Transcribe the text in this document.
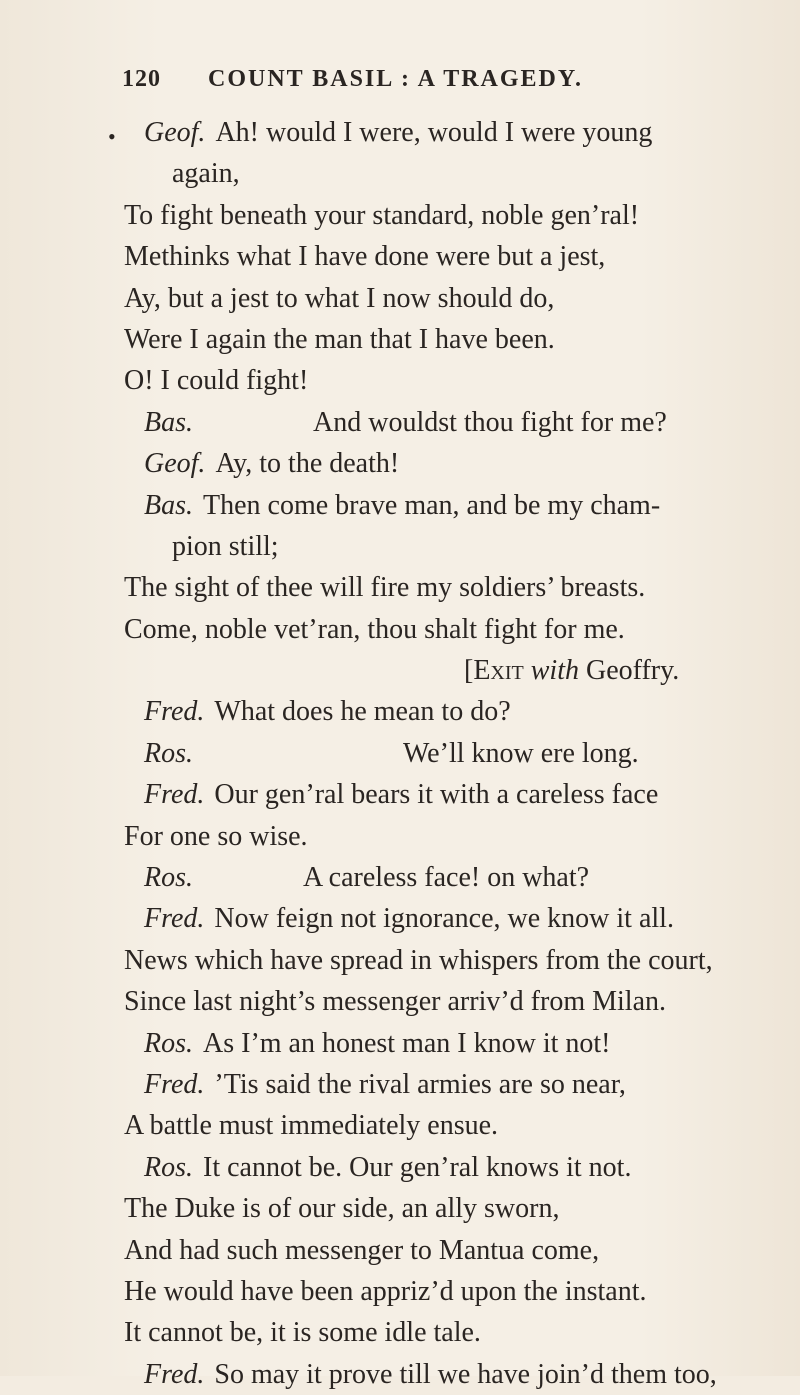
120 COUNT BASIL : A TRAGEDY.
•	Geof. Ah! would I were, would I were young
again,
To fight beneath your standard, noble gen’ral!
Methinks what I have done were but a jest,
Ay, but a jest to what I now should do,
Were I again the man that I have been.
O! I could fight!
Bas.	And wouldst thou fight for me?
Geof. Ay, to the death!
Bas. Then come brave man, and be my cham-
pion still;
The sight of thee will fire my soldiers’ breasts.
Come, noble vet’ran, thou shalt fight for me.
[Exit with Geoffry.
Fred. What does he mean to do?
Ros.	We’ll know ere long.
Fred. Our gen’ral bears it with a careless face
For one so wise.
Ros.	A careless face! on what?
Fred. Now feign not ignorance, we know it all.
News which have spread in whispers from the court,
Since last night’s messenger arriv’d from Milan.
Ros. As I’m an honest man I know it not!
Fred. ’Tis said the rival armies are so near,
A battle must immediately ensue.
Ros. It cannot be. Our gen’ral knows it not.
The Duke is of our side, an ally sworn,
And had such messenger to Mantua come,
He would have been appriz’d upon the instant.
It cannot be, it is some idle tale.
Fred. So may it prove till we have join’d them too,
